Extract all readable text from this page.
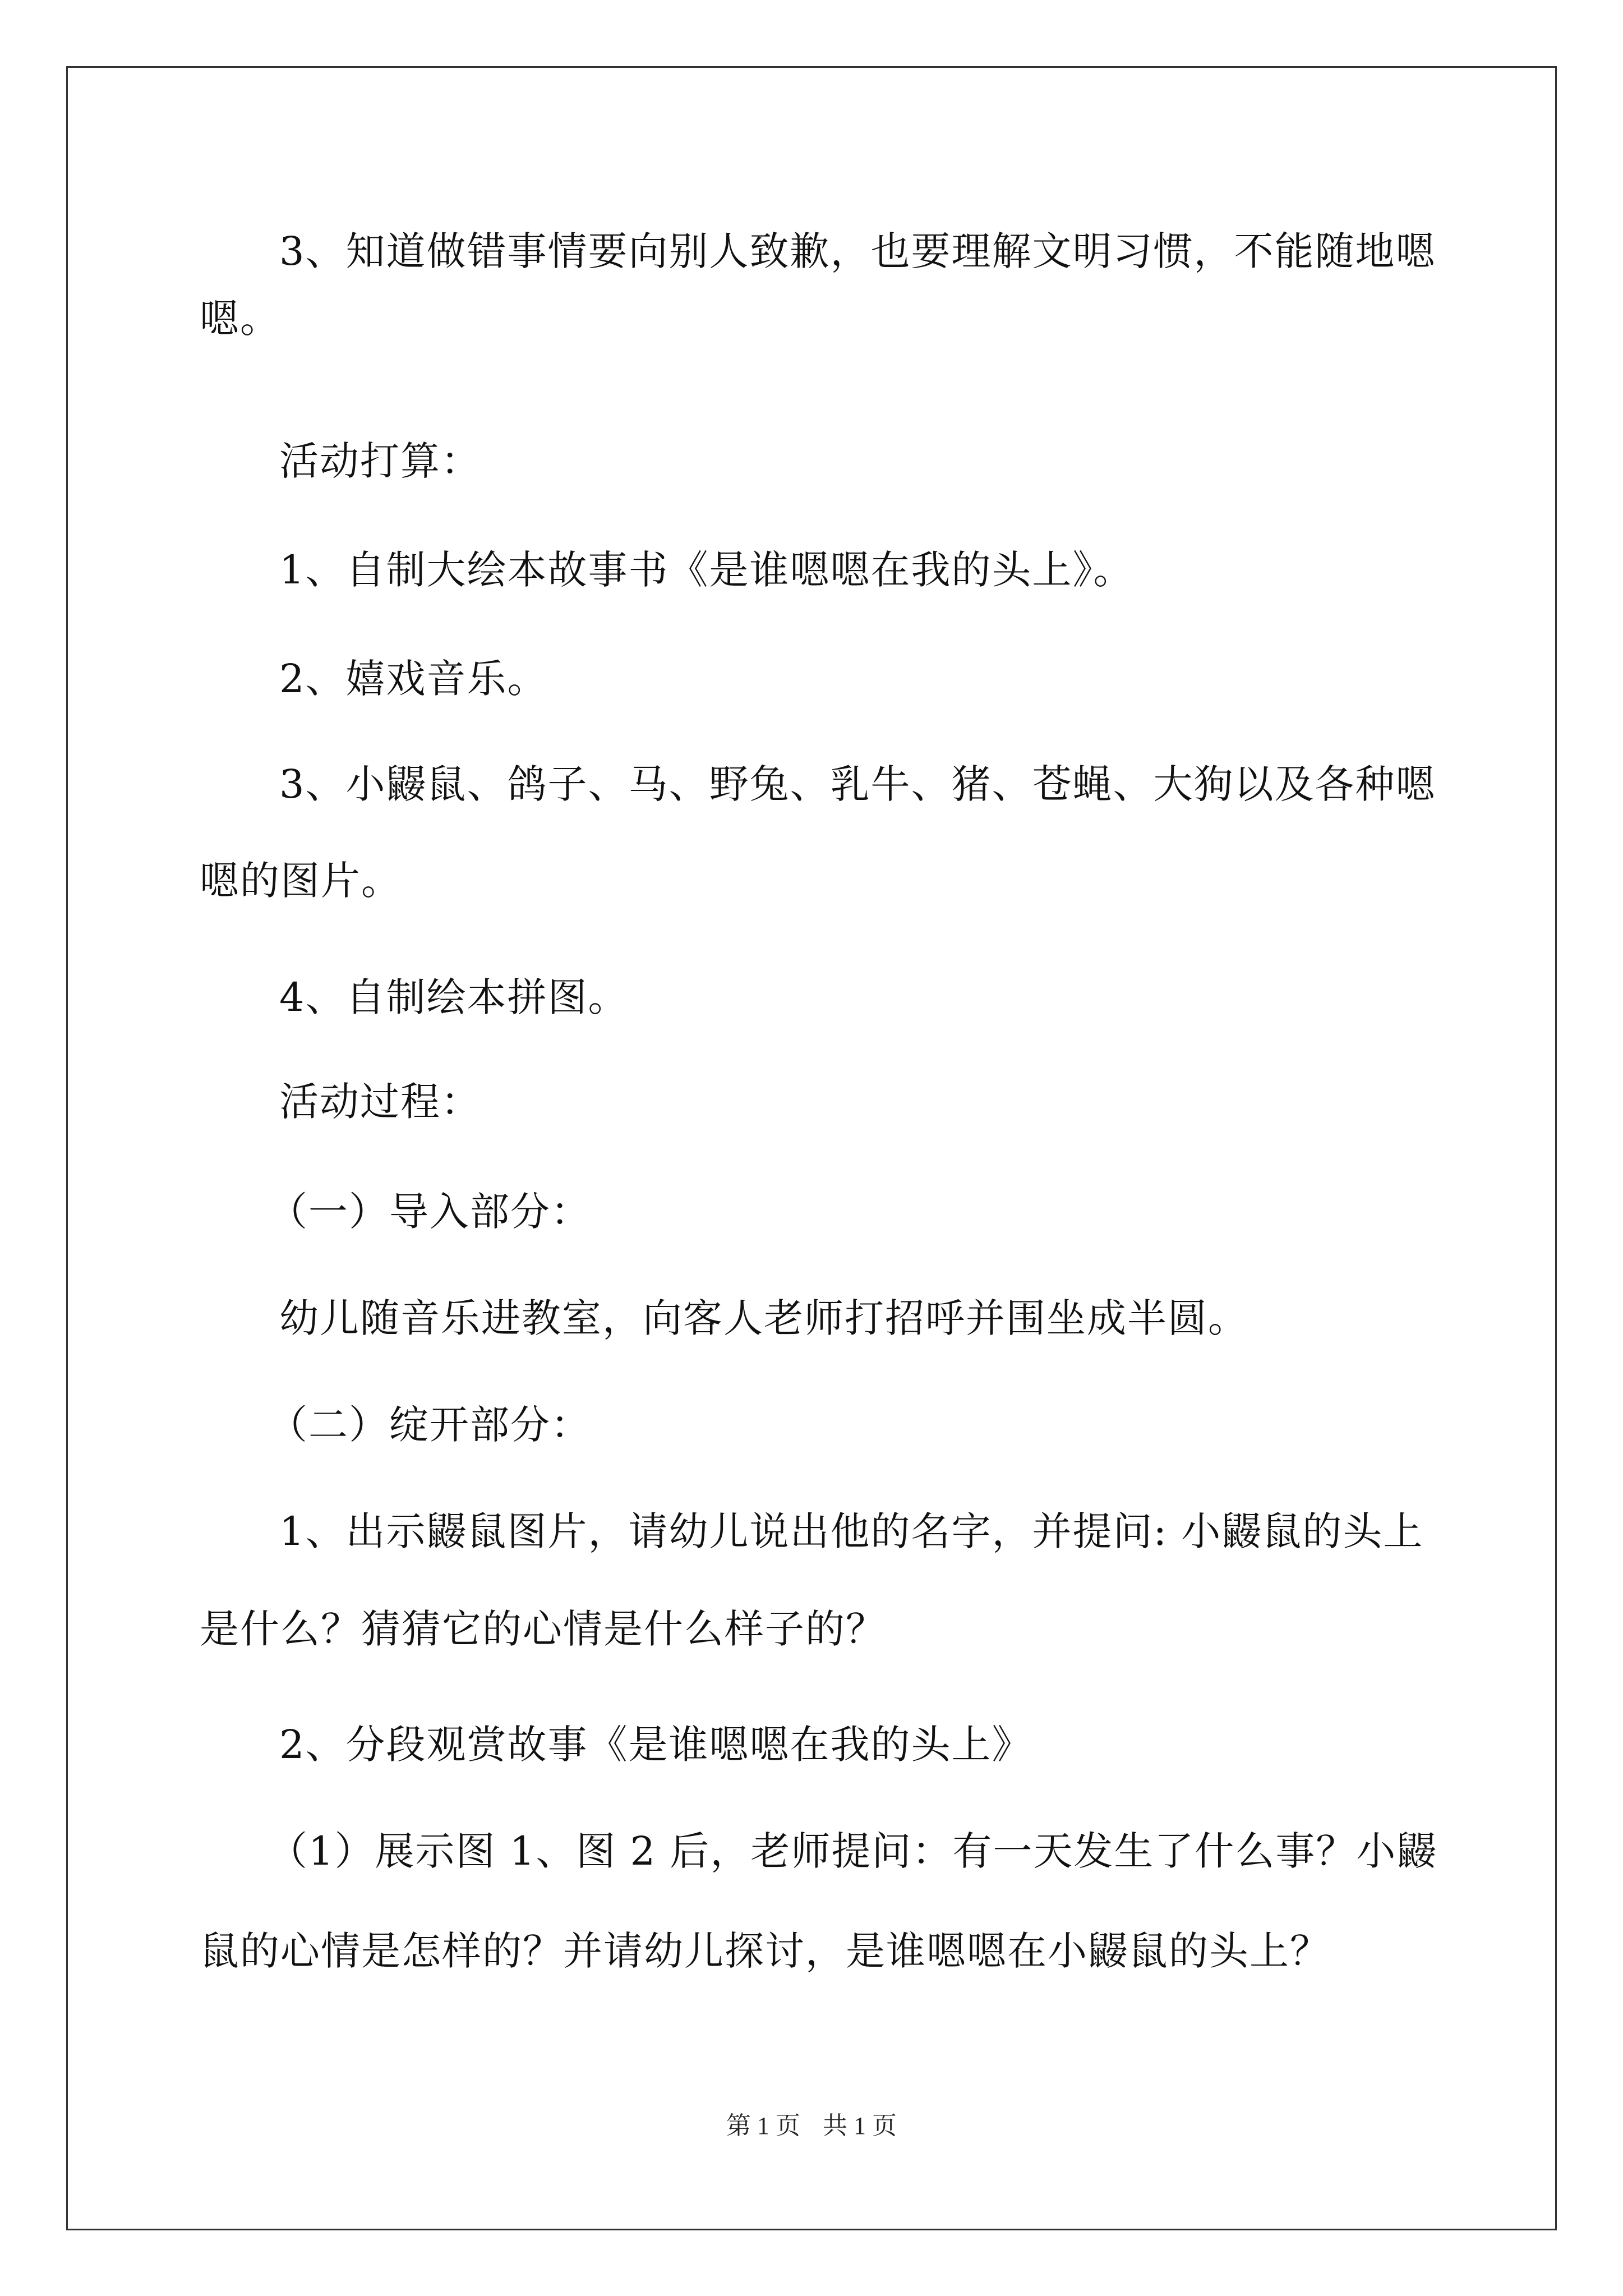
3、知道做错事情要向别人致歉，也要理解文明习惯，不能随地嗯
嗯。
活动打算：
1、自制大绘本故事书《是谁嗯嗯在我的头上》。
2、嬉戏音乐。
3、小鼹鼠、鸽子、马、野兔、乳牛、猪、苍蝇、大狗以及各种嗯
嗯的图片。
4、自制绘本拼图。
活动过程：
（一）导入部分：
幼儿随音乐进教室，向客人老师打招呼并围坐成半圆。
（二）绽开部分：
1、出示鼹鼠图片，请幼儿说出他的名字，并提问: 小鼹鼠的头上
是什么？猜猜它的心情是什么样子的？
2、分段观赏故事《是谁嗯嗯在我的头上》
（1）展示图 1、图 2 后，老师提问：有一天发生了什么事？小鼹
鼠的心情是怎样的？并请幼儿探讨，是谁嗯嗯在小鼹鼠的头上？
第 1 页 共 1 页
